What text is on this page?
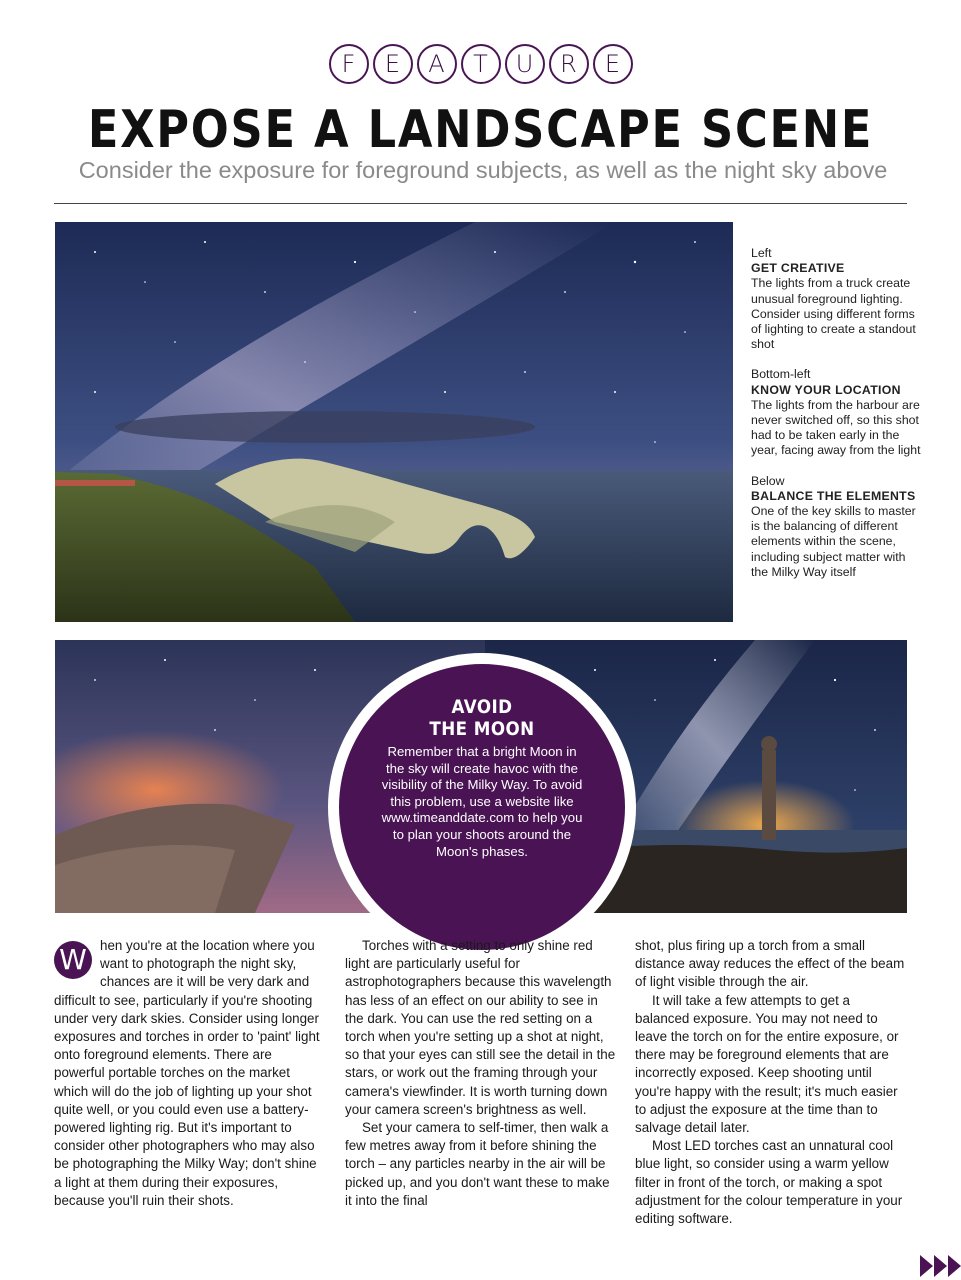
F	E	A	T	U	R	E
EXPOSE A LANDSCAPE SCENE
Consider the exposure for foreground subjects, as well as the night sky above
Left
GET CREATIVE
The lights from a truck create unusual foreground lighting. Consider using different forms of lighting to create a standout shot
Bottom-left
KNOW YOUR LOCATION
The lights from the harbour are never switched off, so this shot had to be taken early in the year, facing away from the light
Below
BALANCE THE ELEMENTS
One of the key skills to master is the balancing of different elements within the scene, including subject matter with the Milky Way itself
AVOID
THE MOON
Remember that a bright Moon in the sky will create havoc with the visibility of the Milky Way. To avoid this problem, use a website like www.timeanddate.com to help you to plan your shoots around the Moon's phases.
W hen you're at the location where you want to photograph the night sky, chances are it will be very dark and difficult to see, particularly if you're shooting under very dark skies. Consider using longer exposures and torches in order to 'paint' light onto foreground elements. There are powerful portable torches on the market which will do the job of lighting up your shot quite well, or you could even use a battery-powered lighting rig. But it's important to consider other photographers who may also be photographing the Milky Way; don't shine a light at them during their exposures, because you'll ruin their shots.

Torches with a setting to only shine red light are particularly useful for astrophotographers because this wavelength has less of an effect on our ability to see in the dark. You can use the red setting on a torch when you're setting up a shot at night, so that your eyes can still see the detail in the stars, or work out the framing through your camera's viewfinder. It is worth turning down your camera screen's brightness as well.

Set your camera to self-timer, then walk a few metres away from it before shining the torch – any particles nearby in the air will be picked up, and you don't want these to make it into the final

shot, plus firing up a torch from a small distance away reduces the effect of the beam of light visible through the air.

It will take a few attempts to get a balanced exposure. You may not need to leave the torch on for the entire exposure, or there may be foreground elements that are incorrectly exposed. Keep shooting until you're happy with the result; it's much easier to adjust the exposure at the time than to salvage detail later.

Most LED torches cast an unnatural cool blue light, so consider using a warm yellow filter in front of the torch, or making a spot adjustment for the colour temperature in your editing software.
